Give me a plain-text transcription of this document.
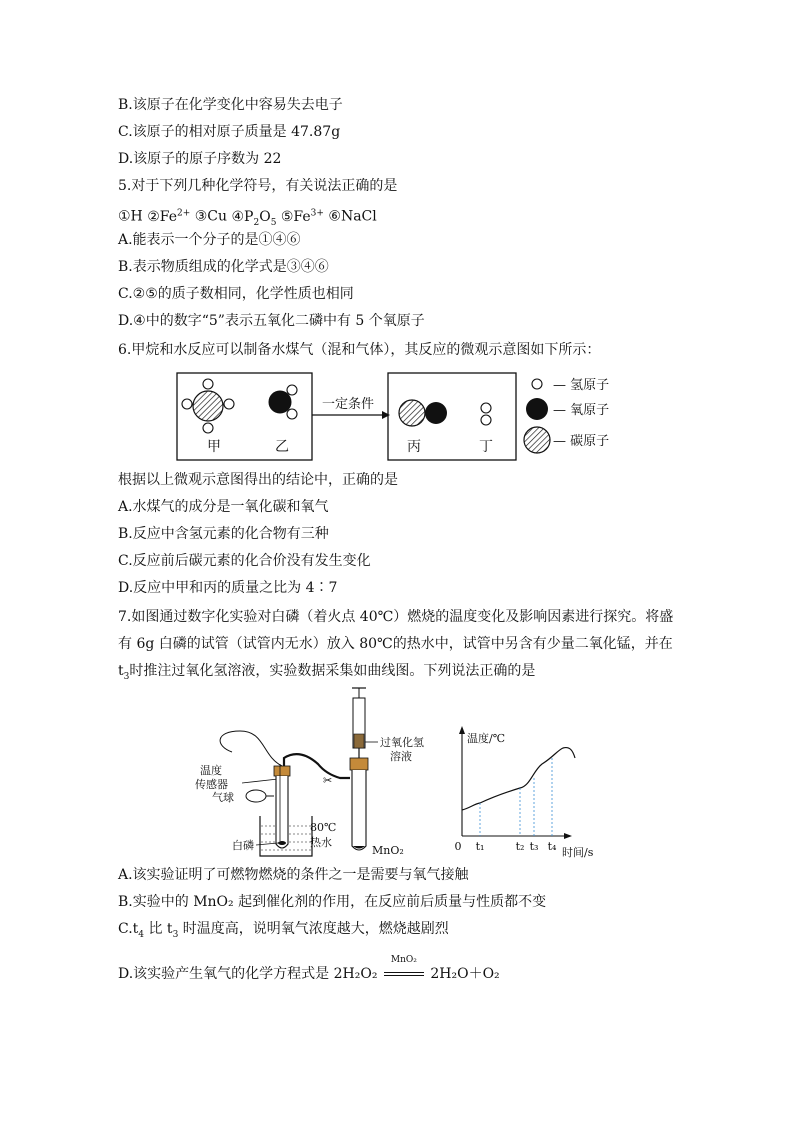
B.该原子在化学变化中容易失去电子
C.该原子的相对原子质量是 47.87g
D.该原子的原子序数为 22
5.对于下列几种化学符号，有关说法正确的是
①H $②Fe^{2+}$ ③Cu $④P_2O_5$ $⑤Fe^{3+}$ ⑥NaCl
A.能表示一个分子的是①④⑥
B.表示物质组成的化学式是③④⑥
C.②⑤的质子数相同，化学性质也相同
D.④中的数字“5”表示五氧化二磷中有 5 个氧原子
6.甲烷和水反应可以制备水煤气（混和气体），其反应的微观示意图如下所示：
甲	乙
一定条件
丙	丁
— 氢原子
— 氧原子
— 碳原子
根据以上微观示意图得出的结论中，正确的是
A.水煤气的成分是一氧化碳和氧气
B.反应中含氢元素的化合物有三种
C.反应前后碳元素的化合价没有发生变化
D.反应中甲和丙的质量之比为 4∶7
7.如图通过数字化实验对白磷（着火点 40℃）燃烧的温度变化及影响因素进行探究。将盛
有 6g 白磷的试管（试管内无水）放入 80℃的热水中，试管中另含有少量二氧化锰，并在
$t_3$时推注过氧化氢溶液，实验数据采集如曲线图。下列说法正确的是
温度
传感器
气球
白磷
80℃
热水
✂
MnO₂
过氧化氢
溶液
温度/℃
时间/s
0 t₁	t₂ t₃ t₄
A.该实验证明了可燃物燃烧的条件之一是需要与氧气接触
B.实验中的 MnO₂ 起到催化剂的作用，在反应前后质量与性质都不变
$C.t_4$ 比 $t_3$ 时温度高，说明氧气浓度越大，燃烧越剧烈
D.该实验产生氧气的化学方程式是 2H₂O₂
MnO₂
2H₂O＋O₂
